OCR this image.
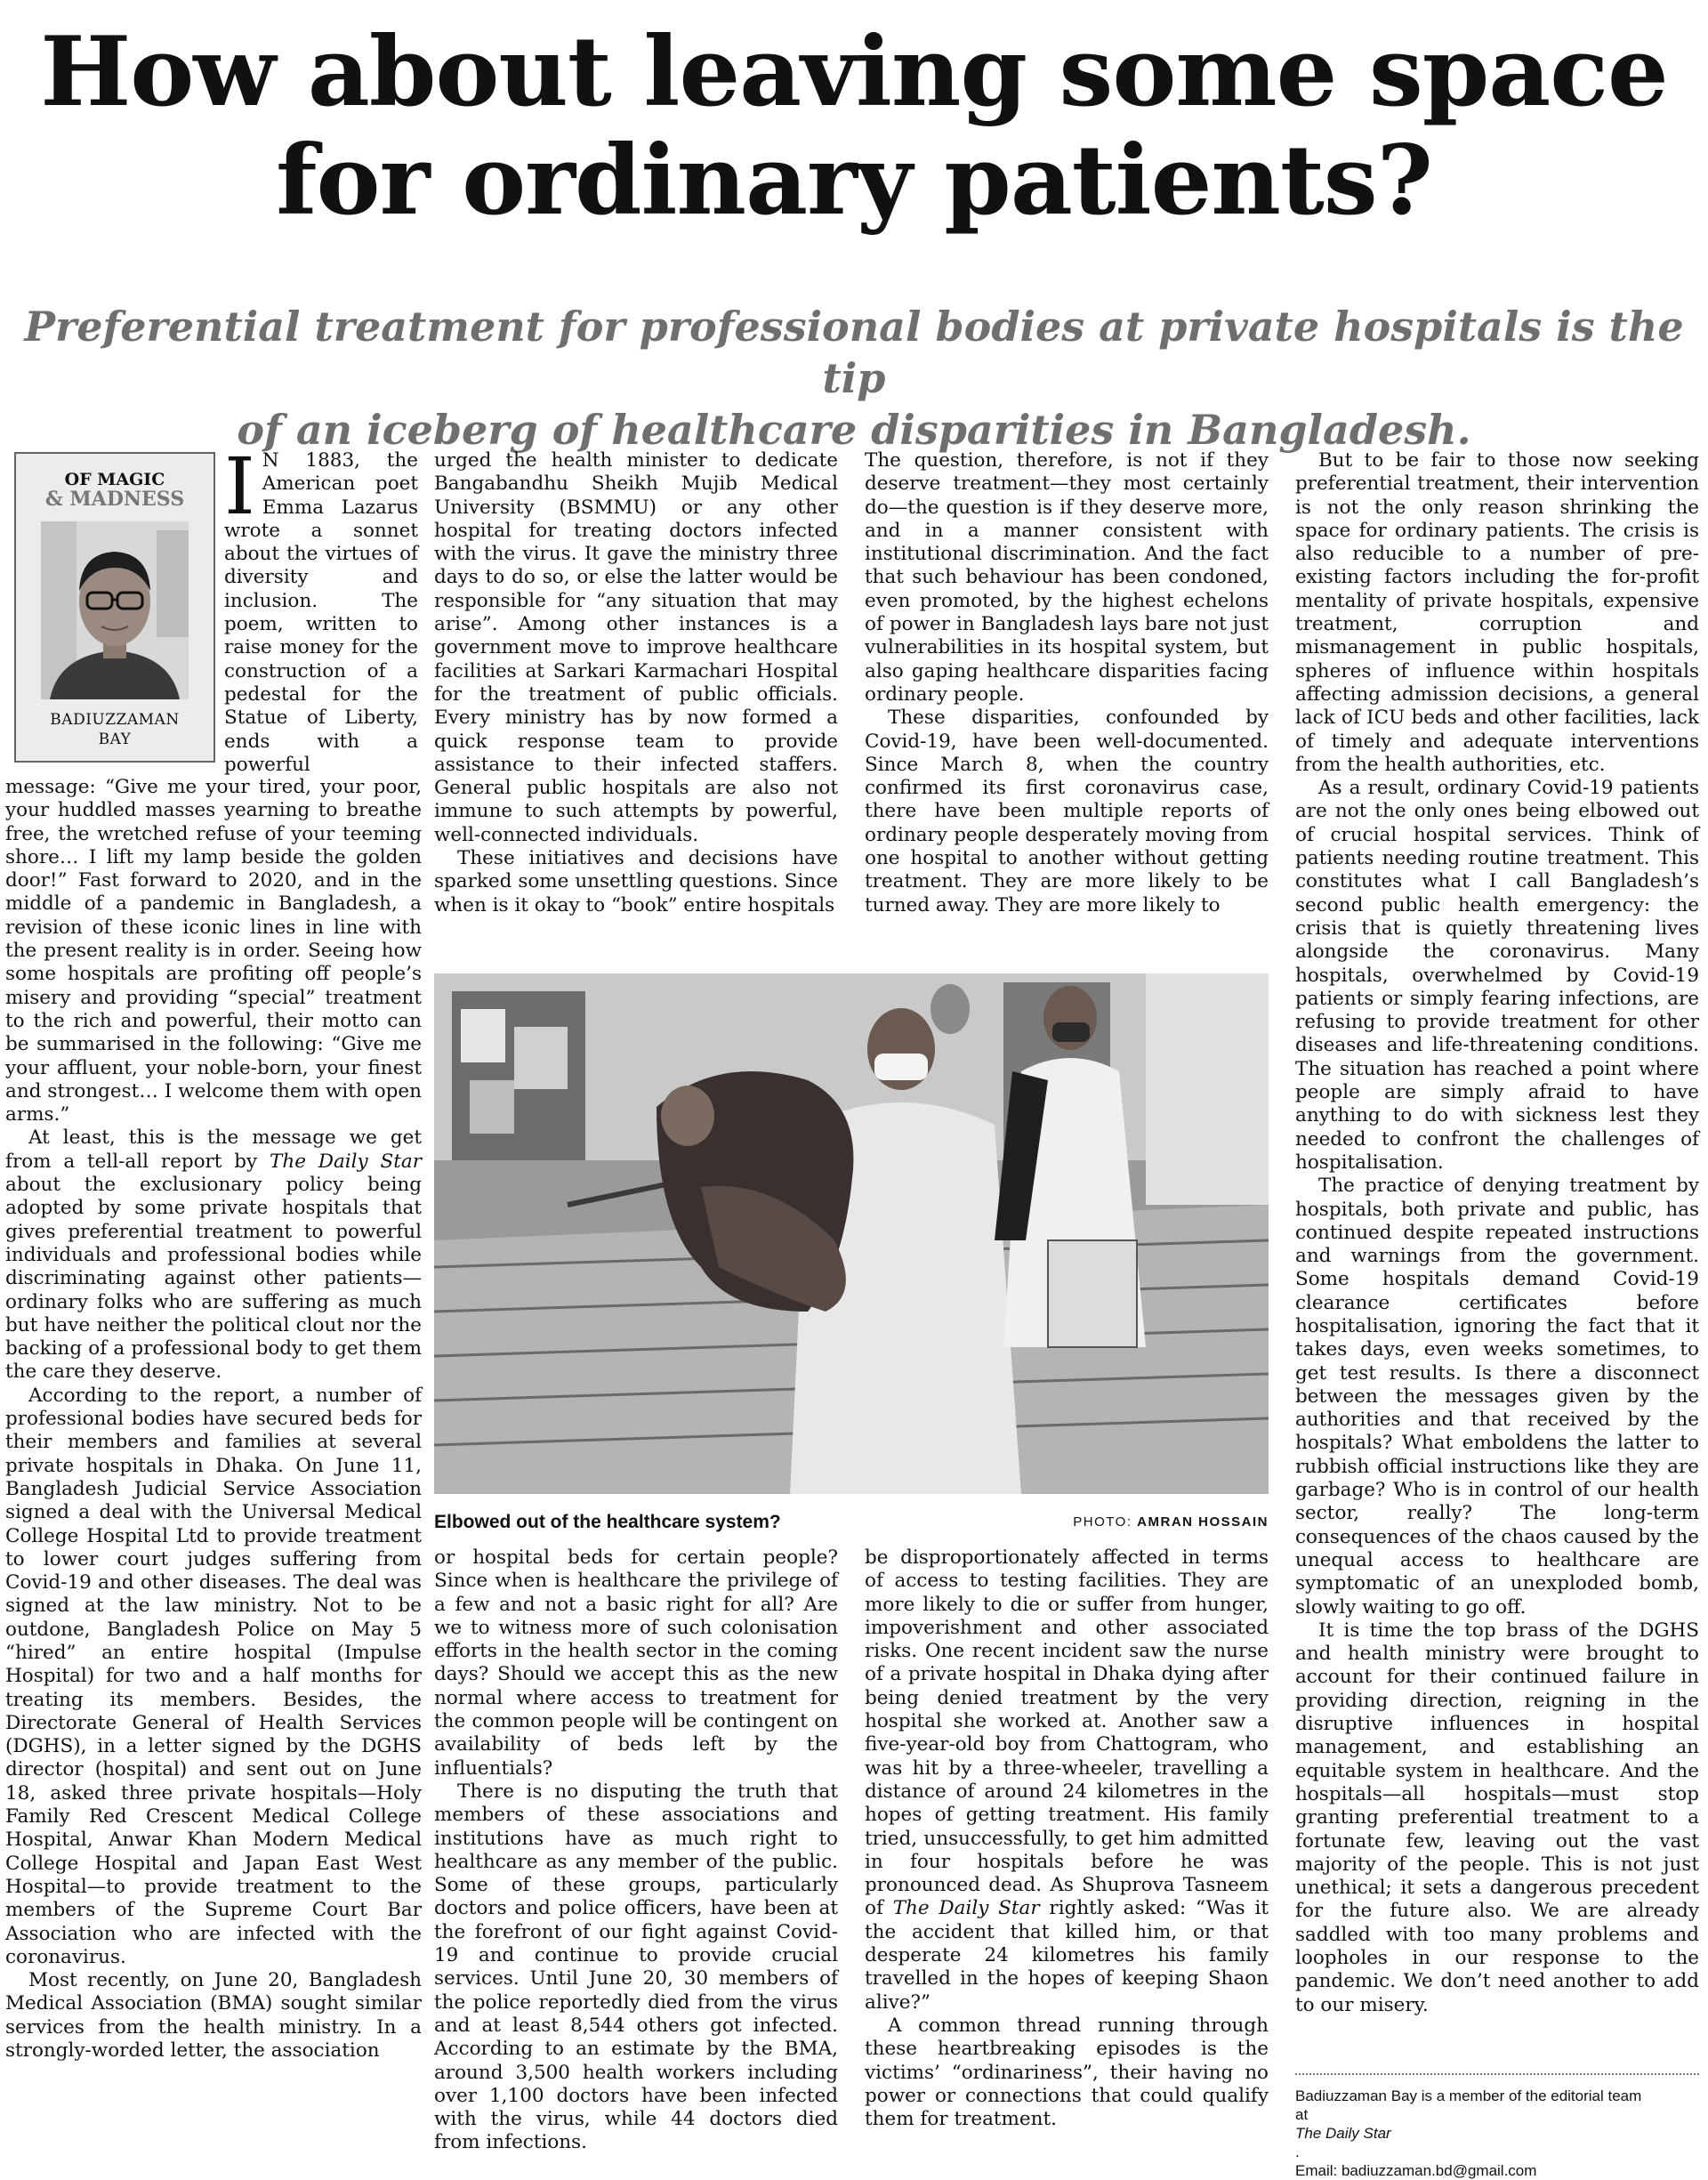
How about leaving some space
for ordinary patients?
Preferential treatment for professional bodies at private hospitals is the tip
of an iceberg of healthcare disparities in Bangladesh.
OF MAGIC
& MADNESS
BADIUZZAMAN
BAY

I N 1883, the American poet Emma Lazarus wrote a sonnet about the virtues of diversity and inclusion. The poem, written to raise money for the construction of a pedestal for the Statue of Liberty, ends with a powerful

message: “Give me your tired, your poor, your huddled masses yearning to breathe free, the wretched refuse of your teeming shore… I lift my lamp beside the golden door!” Fast forward to 2020, and in the middle of a pandemic in Bangladesh, a revision of these iconic lines in line with the present reality is in order. Seeing how some hospitals are profiting off people’s misery and providing “special” treatment to the rich and powerful, their motto can be summarised in the following: “Give me your affluent, your noble-born, your finest and strongest… I welcome them with open arms.”

At least, this is the message we get from a tell-all report by The Daily Star about the exclusionary policy being adopted by some private hospitals that gives preferential treatment to powerful individuals and professional bodies while discriminating against other patients—ordinary folks who are suffering as much but have neither the political clout nor the backing of a professional body to get them the care they deserve.

According to the report, a number of professional bodies have secured beds for their members and families at several private hospitals in Dhaka. On June 11, Bangladesh Judicial Service Association signed a deal with the Universal Medical College Hospital Ltd to provide treatment to lower court judges suffering from Covid-19 and other diseases. The deal was signed at the law ministry. Not to be outdone, Bangladesh Police on May 5 “hired” an entire hospital (Impulse Hospital) for two and a half months for treating its members. Besides, the Directorate General of Health Services (DGHS), in a letter signed by the DGHS director (hospital) and sent out on June 18, asked three private hospitals—Holy Family Red Crescent Medical College Hospital, Anwar Khan Modern Medical College Hospital and Japan East West Hospital—to provide treatment to the members of the Supreme Court Bar Association who are infected with the coronavirus.

Most recently, on June 20, Bangladesh Medical Association (BMA) sought similar services from the health ministry. In a strongly-worded letter, the association

urged the health minister to dedicate Bangabandhu Sheikh Mujib Medical University (BSMMU) or any other hospital for treating doctors infected with the virus. It gave the ministry three days to do so, or else the latter would be responsible for “any situation that may arise”. Among other instances is a government move to improve healthcare facilities at Sarkari Karmachari Hospital for the treatment of public officials. Every ministry has by now formed a quick response team to provide assistance to their infected staffers. General public hospitals are also not immune to such attempts by powerful, well-connected individuals.

These initiatives and decisions have sparked some unsettling questions. Since when is it okay to “book” entire hospitals

The question, therefore, is not if they deserve treatment—they most certainly do—the question is if they deserve more, and in a manner consistent with institutional discrimination. And the fact that such behaviour has been condoned, even promoted, by the highest echelons of power in Bangladesh lays bare not just vulnerabilities in its hospital system, but also gaping healthcare disparities facing ordinary people.

These disparities, confounded by Covid-19, have been well-documented. Since March 8, when the country confirmed its first coronavirus case, there have been multiple reports of ordinary people desperately moving from one hospital to another without getting treatment. They are more likely to be turned away. They are more likely to

Elbowed out of the healthcare system?	PHOTO: AMRAN HOSSAIN

or hospital beds for certain people? Since when is healthcare the privilege of a few and not a basic right for all? Are we to witness more of such colonisation efforts in the health sector in the coming days? Should we accept this as the new normal where access to treatment for the common people will be contingent on availability of beds left by the influentials?

There is no disputing the truth that members of these associations and institutions have as much right to healthcare as any member of the public. Some of these groups, particularly doctors and police officers, have been at the forefront of our fight against Covid-19 and continue to provide crucial services. Until June 20, 30 members of the police reportedly died from the virus and at least 8,544 others got infected. According to an estimate by the BMA, around 3,500 health workers including over 1,100 doctors have been infected with the virus, while 44 doctors died from infections.

be disproportionately affected in terms of access to testing facilities. They are more likely to die or suffer from hunger, impoverishment and other associated risks. One recent incident saw the nurse of a private hospital in Dhaka dying after being denied treatment by the very hospital she worked at. Another saw a five-year-old boy from Chattogram, who was hit by a three-wheeler, travelling a distance of around 24 kilometres in the hopes of getting treatment. His family tried, unsuccessfully, to get him admitted in four hospitals before he was pronounced dead. As Shuprova Tasneem of The Daily Star rightly asked: “Was it the accident that killed him, or that desperate 24 kilometres his family travelled in the hopes of keeping Shaon alive?”

A common thread running through these heartbreaking episodes is the victims’ “ordinariness”, their having no power or connections that could qualify them for treatment.

But to be fair to those now seeking preferential treatment, their intervention is not the only reason shrinking the space for ordinary patients. The crisis is also reducible to a number of pre-existing factors including the for-profit mentality of private hospitals, expensive treatment, corruption and mismanagement in public hospitals, spheres of influence within hospitals affecting admission decisions, a general lack of ICU beds and other facilities, lack of timely and adequate interventions from the health authorities, etc.

As a result, ordinary Covid-19 patients are not the only ones being elbowed out of crucial hospital services. Think of patients needing routine treatment. This constitutes what I call Bangladesh’s second public health emergency: the crisis that is quietly threatening lives alongside the coronavirus. Many hospitals, overwhelmed by Covid-19 patients or simply fearing infections, are refusing to provide treatment for other diseases and life-threatening conditions. The situation has reached a point where people are simply afraid to have anything to do with sickness lest they needed to confront the challenges of hospitalisation.

The practice of denying treatment by hospitals, both private and public, has continued despite repeated instructions and warnings from the government. Some hospitals demand Covid-19 clearance certificates before hospitalisation, ignoring the fact that it takes days, even weeks sometimes, to get test results. Is there a disconnect between the messages given by the authorities and that received by the hospitals? What emboldens the latter to rubbish official instructions like they are garbage? Who is in control of our health sector, really? The long-term consequences of the chaos caused by the unequal access to healthcare are symptomatic of an unexploded bomb, slowly waiting to go off.

It is time the top brass of the DGHS and health ministry were brought to account for their continued failure in providing direction, reigning in the disruptive influences in hospital management, and establishing an equitable system in healthcare. And the hospitals—all hospitals—must stop granting preferential treatment to a fortunate few, leaving out the vast majority of the people. This is not just unethical; it sets a dangerous precedent for the future also. We are already saddled with too many problems and loopholes in our response to the pandemic. We don’t need another to add to our misery.

Badiuzzaman Bay is a member of the editorial team
at
The Daily Star
.
Email: badiuzzaman.bd@gmail.com
